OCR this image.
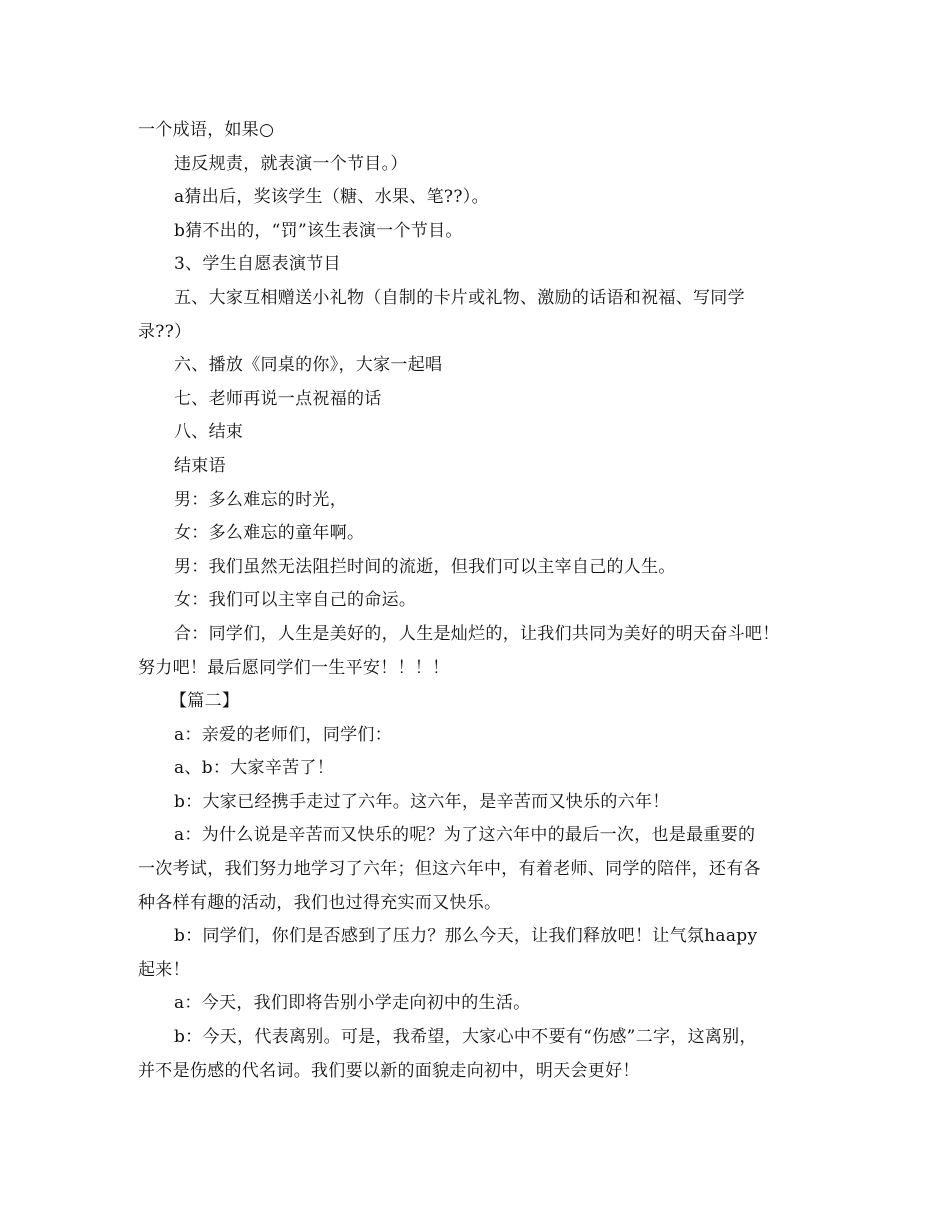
一个成语，如果○
违反规责，就表演一个节目。）
a猜出后，奖该学生（糖、水果、笔??）。
b猜不出的，“罚”该生表演一个节目。
3、学生自愿表演节目
五、大家互相赠送小礼物（自制的卡片或礼物、激励的话语和祝福、写同学
录??）
六、播放《同桌的你》，大家一起唱
七、老师再说一点祝福的话
八、结束
结束语
男：多么难忘的时光，
女：多么难忘的童年啊。
男：我们虽然无法阻拦时间的流逝，但我们可以主宰自己的人生。
女：我们可以主宰自己的命运。
合：同学们，人生是美好的，人生是灿烂的，让我们共同为美好的明天奋斗吧！
努力吧！最后愿同学们一生平安！！！！
【篇二】
a：亲爱的老师们，同学们：
a、b：大家辛苦了！
b：大家已经携手走过了六年。这六年，是辛苦而又快乐的六年！
a：为什么说是辛苦而又快乐的呢？为了这六年中的最后一次，也是最重要的
一次考试，我们努力地学习了六年；但这六年中，有着老师、同学的陪伴，还有各
种各样有趣的活动，我们也过得充实而又快乐。
b：同学们，你们是否感到了压力？那么今天，让我们释放吧！让气氛haapy
起来！
a：今天，我们即将告别小学走向初中的生活。
b：今天，代表离别。可是，我希望，大家心中不要有“伤感”二字，这离别，
并不是伤感的代名词。我们要以新的面貌走向初中，明天会更好！
